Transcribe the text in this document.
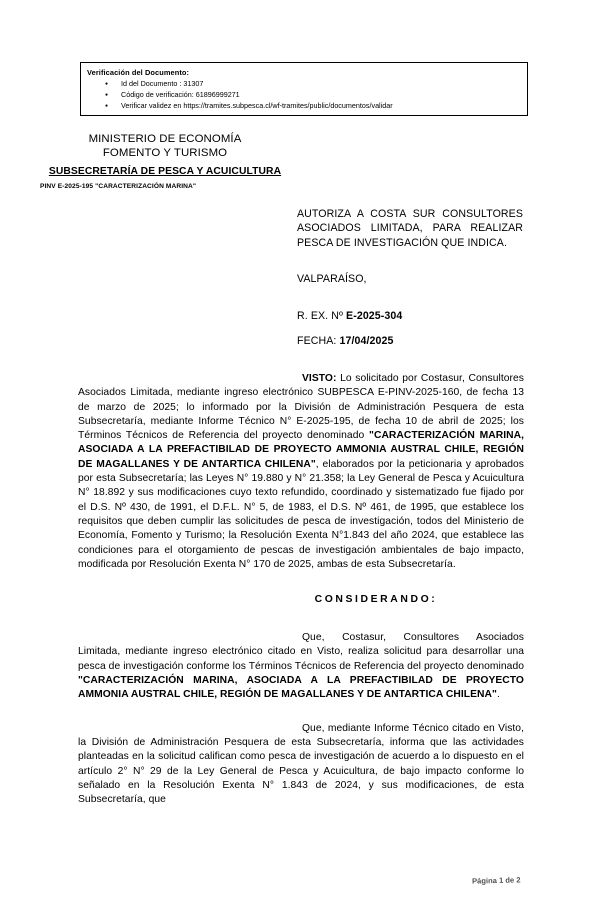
Verificación del Documento:
● Id del Documento : 31307
● Código de verificación: 61896999271
● Verificar validez en https://tramites.subpesca.cl/wf-tramites/public/documentos/validar
MINISTERIO DE ECONOMÍA
FOMENTO Y TURISMO
SUBSECRETARÍA DE PESCA Y ACUICULTURA
PINV E-2025-195 "CARACTERIZACIÓN MARINA"
AUTORIZA A COSTA SUR CONSULTORES ASOCIADOS LIMITADA, PARA REALIZAR PESCA DE INVESTIGACIÓN QUE INDICA.
VALPARAÍSO,
R. EX. Nº E-2025-304
FECHA: 17/04/2025

VISTO: Lo solicitado por Costasur, Consultores Asociados Limitada, mediante ingreso electrónico SUBPESCA E-PINV-2025-160, de fecha 13 de marzo de 2025; lo informado por la División de Administración Pesquera de esta Subsecretaría, mediante Informe Técnico N° E-2025-195, de fecha 10 de abril de 2025; los Términos Técnicos de Referencia del proyecto denominado "CARACTERIZACIÓN MARINA, ASOCIADA A LA PREFACTIBILAD DE PROYECTO AMMONIA AUSTRAL CHILE, REGIÓN DE MAGALLANES Y DE ANTARTICA CHILENA", elaborados por la peticionaria y aprobados por esta Subsecretaría; las Leyes N° 19.880 y N° 21.358; la Ley General de Pesca y Acuicultura N° 18.892 y sus modificaciones cuyo texto refundido, coordinado y sistematizado fue fijado por el D.S. Nº 430, de 1991, el D.F.L. N° 5, de 1983, el D.S. Nº 461, de 1995, que establece los requisitos que deben cumplir las solicitudes de pesca de investigación, todos del Ministerio de Economía, Fomento y Turismo; la Resolución Exenta N°1.843 del año 2024, que establece las condiciones para el otorgamiento de pescas de investigación ambientales de bajo impacto, modificada por Resolución Exenta N° 170 de 2025, ambas de esta Subsecretaría.

CONSIDERANDO:

Que, Costasur, Consultores Asociados Limitada, mediante ingreso electrónico citado en Visto, realiza solicitud para desarrollar una pesca de investigación conforme los Términos Técnicos de Referencia del proyecto denominado "CARACTERIZACIÓN MARINA, ASOCIADA A LA PREFACTIBILAD DE PROYECTO AMMONIA AUSTRAL CHILE, REGIÓN DE MAGALLANES Y DE ANTARTICA CHILENA".

Que, mediante Informe Técnico citado en Visto, la División de Administración Pesquera de esta Subsecretaría, informa que las actividades planteadas en la solicitud califican como pesca de investigación de acuerdo a lo dispuesto en el artículo 2° N° 29 de la Ley General de Pesca y Acuicultura, de bajo impacto conforme lo señalado en la Resolución Exenta N° 1.843 de 2024, y sus modificaciones, de esta Subsecretaría, que

Página 1 de 2
